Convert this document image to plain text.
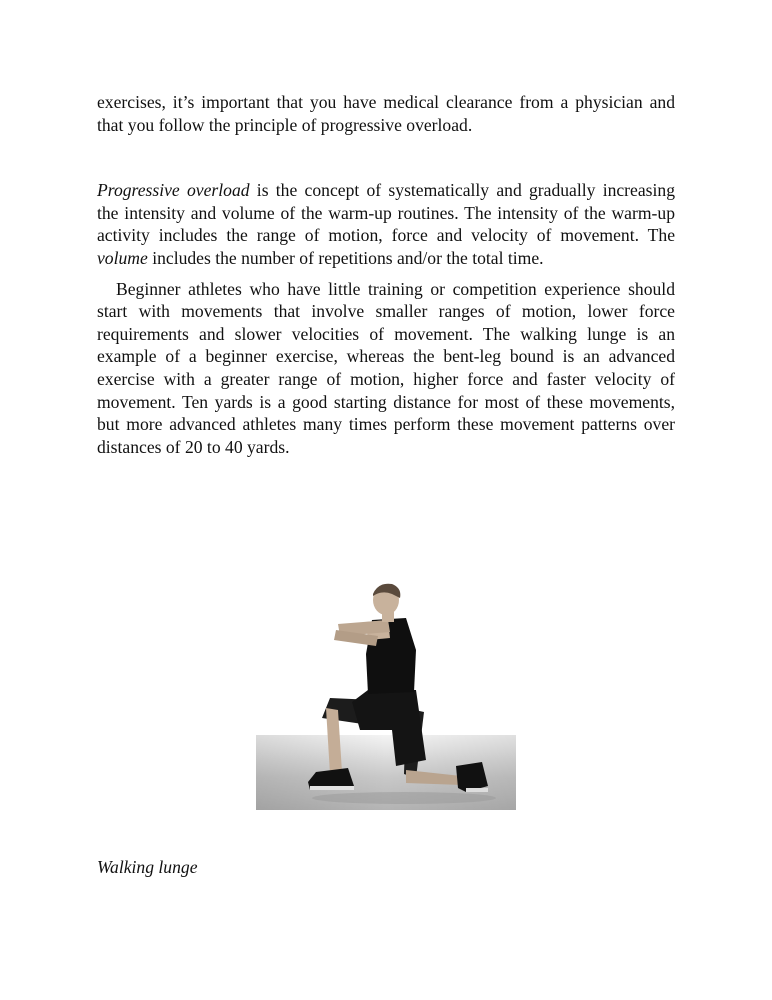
exercises, it’s important that you have medical clearance from a physician and that you follow the principle of progressive overload.

Progressive overload is the concept of systematically and gradually increasing the intensity and volume of the warm-up routines. The intensity of the warm-up activity includes the range of motion, force and velocity of movement. The volume includes the number of repetitions and/or the total time.

Beginner athletes who have little training or competition experience should start with movements that involve smaller ranges of motion, lower force requirements and slower velocities of movement. The walking lunge is an example of a beginner exercise, whereas the bent-leg bound is an advanced exercise with a greater range of motion, higher force and faster velocity of movement. Ten yards is a good starting distance for most of these movements, but more advanced athletes many times perform these movement patterns over distances of 20 to 40 yards.

Walking lunge
